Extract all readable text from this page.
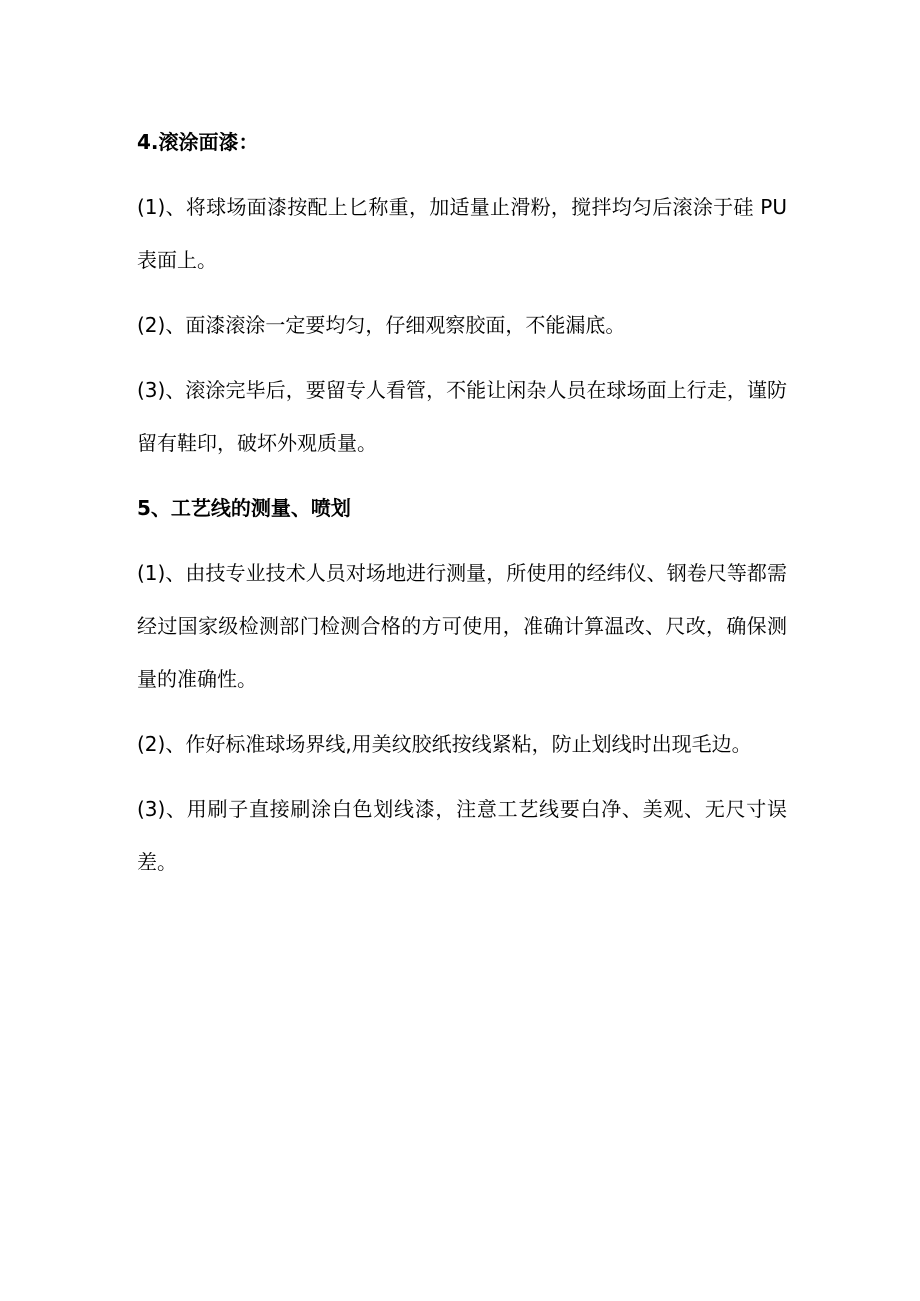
4.滚涂面漆：
(1)、将球场面漆按配上匕称重，加适量止滑粉，搅拌均匀后滚涂于硅 PU 表面上。
(2)、面漆滚涂一定要均匀，仔细观察胶面，不能漏底。
(3)、滚涂完毕后，要留专人看管，不能让闲杂人员在球场面上行走，谨防留有鞋印，破坏外观质量。
5、工艺线的测量、喷划
(1)、由技专业技术人员对场地进行测量，所使用的经纬仪、钢卷尺等都需经过国家级检测部门检测合格的方可使用，准确计算温改、尺改，确保测量的准确性。
(2)、作好标准球场界线,用美纹胶纸按线紧粘，防止划线时出现毛边。
(3)、用刷子直接刷涂白色划线漆，注意工艺线要白净、美观、无尺寸误差。
